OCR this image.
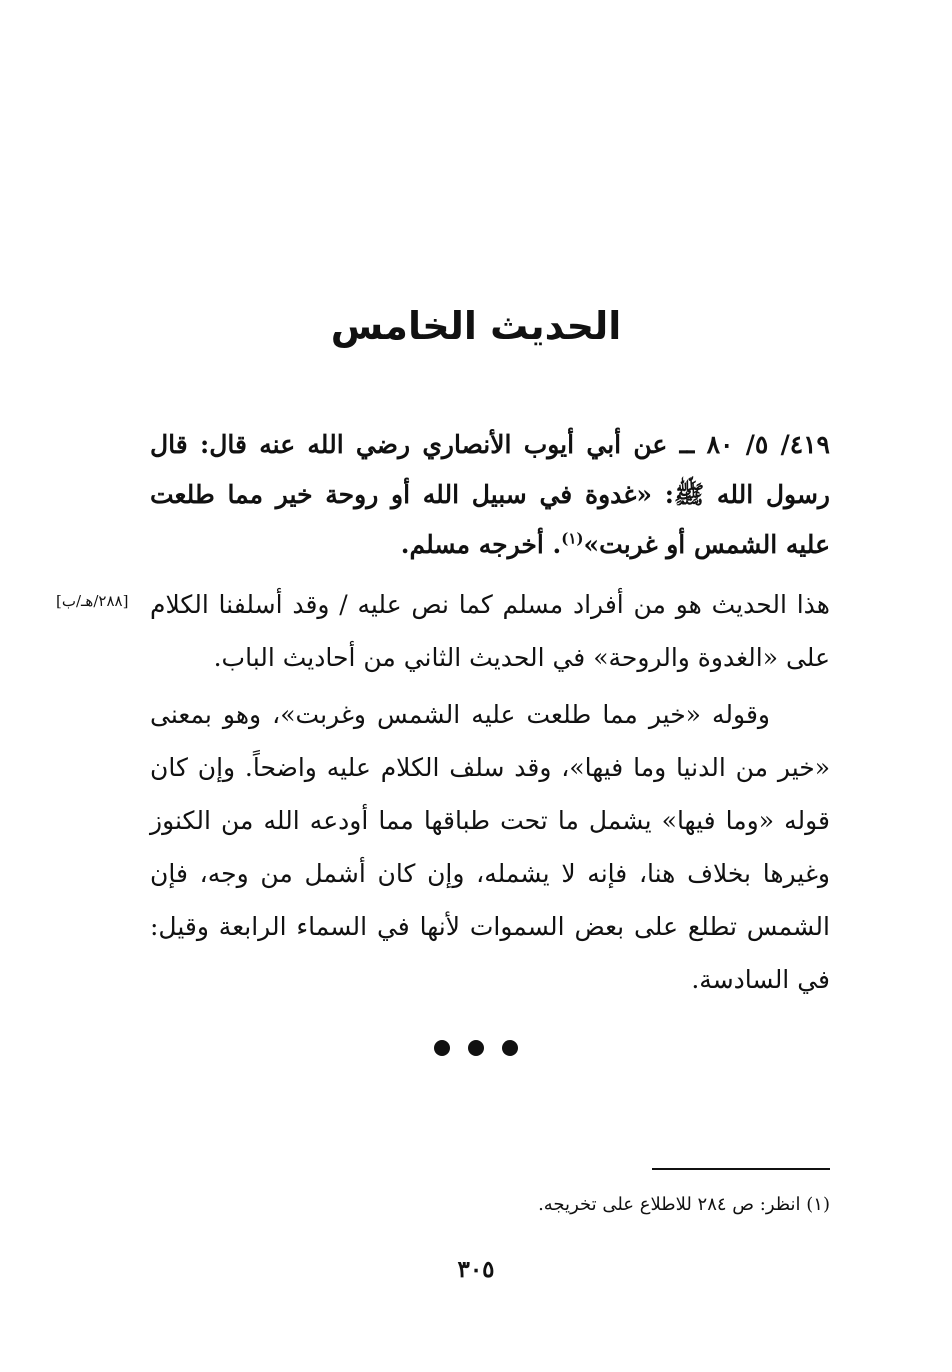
الحديث الخامس
٤١٩/ ٥/ ٨٠ ــ عن أبي أيوب الأنصاري رضي الله عنه قال: قال رسول الله ﷺ: «غدوة في سبيل الله أو روحة خير مما طلعت عليه الشمس أو غربت»$^{(١)}$. أخرجه مسلم.
[٢٨٨/هـ/ب] هذا الحديث هو من أفراد مسلم كما نص عليه / وقد أسلفنا الكلام على «الغدوة والروحة» في الحديث الثاني من أحاديث الباب.
وقوله «خير مما طلعت عليه الشمس وغربت»، وهو بمعنى «خير من الدنيا وما فيها»، وقد سلف الكلام عليه واضحاً. وإن كان قوله «وما فيها» يشمل ما تحت طباقها مما أودعه الله من الكنوز وغيرها بخلاف هنا، فإنه لا يشمله، وإن كان أشمل من وجه، فإن الشمس تطلع على بعض السموات لأنها في السماء الرابعة وقيل: في السادسة.
(١) انظر: ص ٢٨٤ للاطلاع على تخريجه.
٣٠٥
